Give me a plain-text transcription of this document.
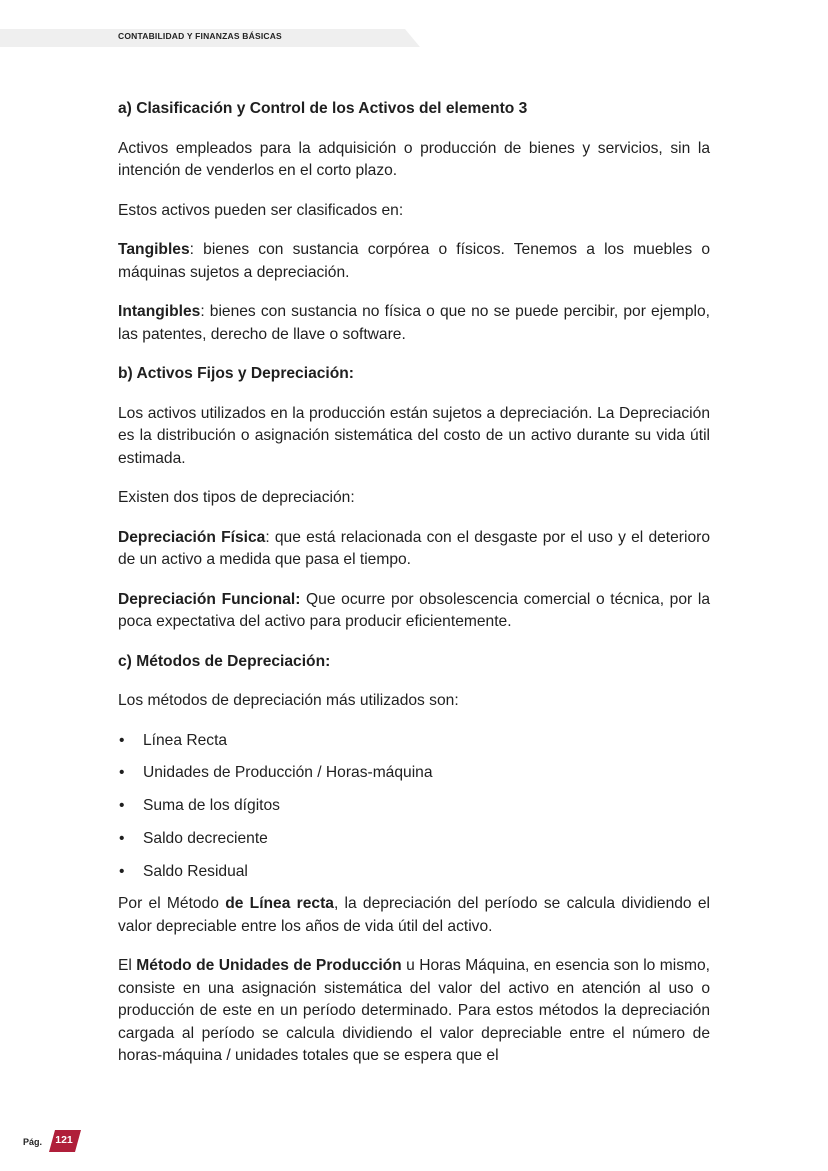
CONTABILIDAD Y FINANZAS BÁSICAS

a) Clasificación y Control de los Activos del elemento 3

Activos empleados para la adquisición o producción de bienes y servicios, sin la intención de venderlos en el corto plazo.

Estos activos pueden ser clasificados en:

Tangibles: bienes con sustancia corpórea o físicos. Tenemos a los muebles o máquinas sujetos a depreciación.

Intangibles: bienes con sustancia no física o que no se puede percibir, por ejemplo, las patentes, derecho de llave o software.

b) Activos Fijos y Depreciación:

Los activos utilizados en la producción están sujetos a depreciación. La Depreciación es la distribución o asignación sistemática del costo de un activo durante su vida útil estimada.

Existen dos tipos de depreciación:

Depreciación Física: que está relacionada con el desgaste por el uso y el deterioro de un activo a medida que pasa el tiempo.

Depreciación Funcional: Que ocurre por obsolescencia comercial o técnica, por la poca expectativa del activo para producir eficientemente.

c) Métodos de Depreciación:

Los métodos de depreciación más utilizados son:

• Línea Recta
• Unidades de Producción / Horas-máquina
• Suma de los dígitos
• Saldo decreciente
• Saldo Residual

Por el Método de Línea recta, la depreciación del período se calcula dividiendo el valor depreciable entre los años de vida útil del activo.

El Método de Unidades de Producción u Horas Máquina, en esencia son lo mismo, consiste en una asignación sistemática del valor del activo en atención al uso o producción de este en un período determinado. Para estos métodos la depreciación cargada al período se calcula dividiendo el valor depreciable entre el número de horas-máquina / unidades totales que se espera que el

Pág. 121
